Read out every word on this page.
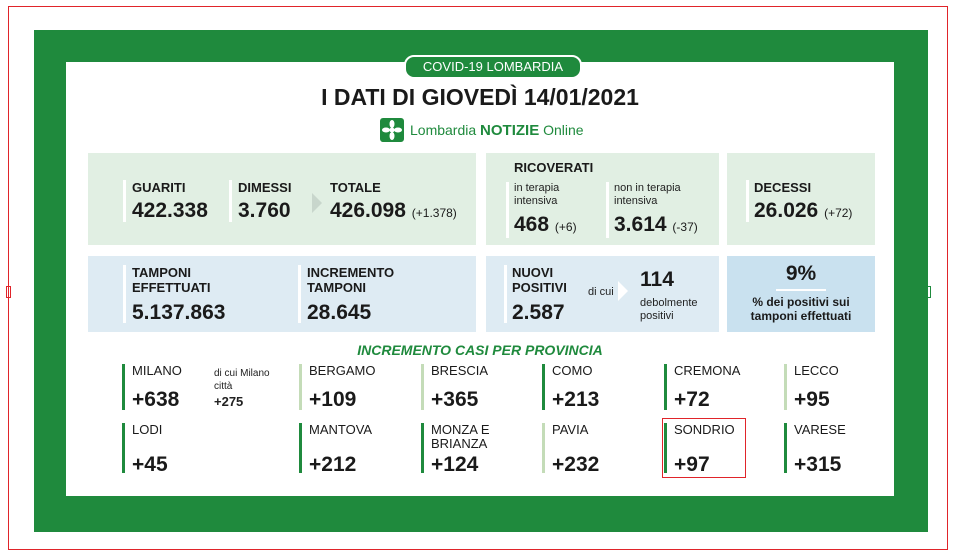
COVID-19 LOMBARDIA
I DATI DI GIOVEDÌ 14/01/2021
Lombardia NOTIZIE Online
GUARITI
422.338
DIMESSI
3.760
TOTALE
426.098 (+1.378)
RICOVERATI
in terapia intensiva
468 (+6)
non in terapia intensiva
3.614 (-37)
DECESSI
26.026 (+72)
TAMPONI EFFETTUATI
5.137.863
INCREMENTO TAMPONI
28.645
NUOVI POSITIVI
2.587
di cui
114
debolmente positivi
9%
% dei positivi sui tamponi effettuati
INCREMENTO CASI PER PROVINCIA
MILANO
+638
di cui Milano città
+275
BERGAMO
+109
BRESCIA
+365
COMO
+213
CREMONA
+72
LECCO
+95
LODI
+45
MANTOVA
+212
MONZA E BRIANZA
+124
PAVIA
+232
SONDRIO
+97
VARESE
+315
